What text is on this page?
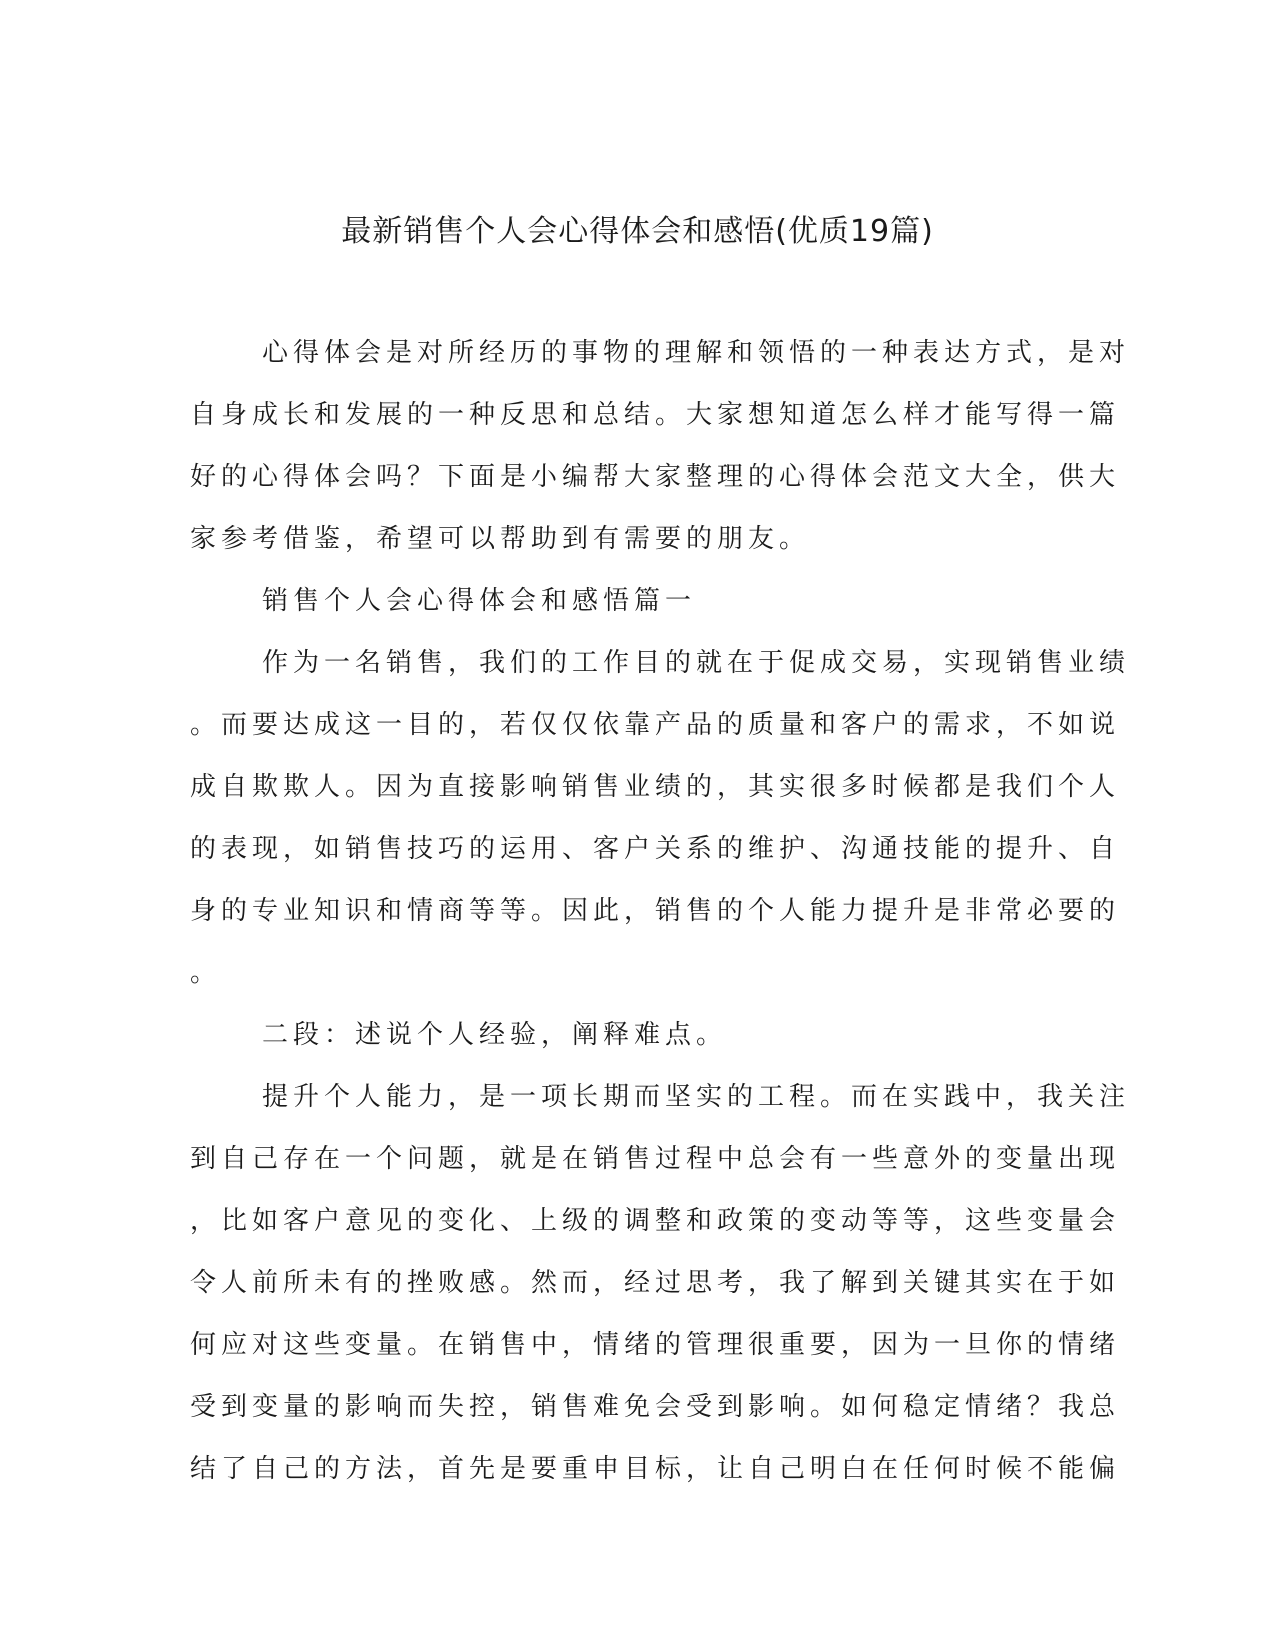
最新销售个人会心得体会和感悟(优质19篇)
心得体会是对所经历的事物的理解和领悟的一种表达方式，是对
自身成长和发展的一种反思和总结。大家想知道怎么样才能写得一篇
好的心得体会吗？下面是小编帮大家整理的心得体会范文大全，供大
家参考借鉴，希望可以帮助到有需要的朋友。
销售个人会心得体会和感悟篇一
作为一名销售，我们的工作目的就在于促成交易，实现销售业绩
。而要达成这一目的，若仅仅依靠产品的质量和客户的需求，不如说
成自欺欺人。因为直接影响销售业绩的，其实很多时候都是我们个人
的表现，如销售技巧的运用、客户关系的维护、沟通技能的提升、自
身的专业知识和情商等等。因此，销售的个人能力提升是非常必要的
。
二段：述说个人经验，阐释难点。
提升个人能力，是一项长期而坚实的工程。而在实践中，我关注
到自己存在一个问题，就是在销售过程中总会有一些意外的变量出现
，比如客户意见的变化、上级的调整和政策的变动等等，这些变量会
令人前所未有的挫败感。然而，经过思考，我了解到关键其实在于如
何应对这些变量。在销售中，情绪的管理很重要，因为一旦你的情绪
受到变量的影响而失控，销售难免会受到影响。如何稳定情绪？我总
结了自己的方法，首先是要重申目标，让自己明白在任何时候不能偏
